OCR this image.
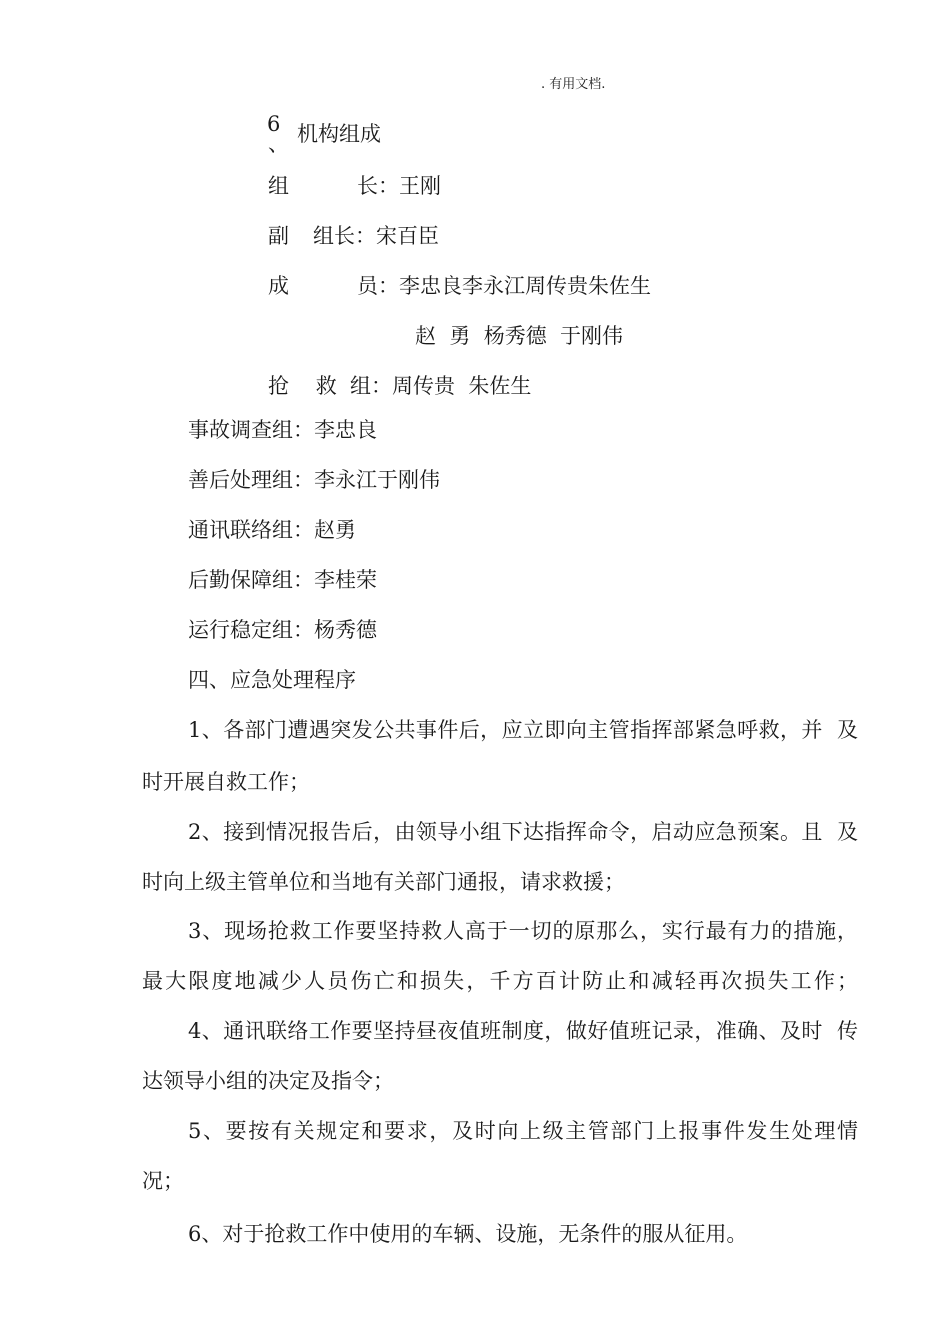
. 有用文档.
6
、 机构组成
组	长：王刚
副 组长：宋百臣
成	员：李忠良李永江周传贵朱佐生
赵  勇  杨秀德  于刚伟
抢    救  组：周传贵  朱佐生
事故调查组：李忠良
善后处理组：李永江于刚伟
通讯联络组：赵勇
后勤保障组：李桂荣
运行稳定组：杨秀德
四、应急处理程序
1、各部门遭遇突发公共事件后，应立即向主管指挥部紧急呼救，并  及
时开展自救工作；
2、接到情况报告后，由领导小组下达指挥命令，启动应急预案。且  及
时向上级主管单位和当地有关部门通报，请求救援；
3、现场抢救工作要坚持救人高于一切的原那么，实行最有力的措施，
最大限度地减少人员伤亡和损失，千方百计防止和减轻再次损失工作；
4、通讯联络工作要坚持昼夜值班制度，做好值班记录，准确、及时  传
达领导小组的决定及指令；
5、要按有关规定和要求，及时向上级主管部门上报事件发生处理情
况；
6、对于抢救工作中使用的车辆、设施，无条件的服从征用。
